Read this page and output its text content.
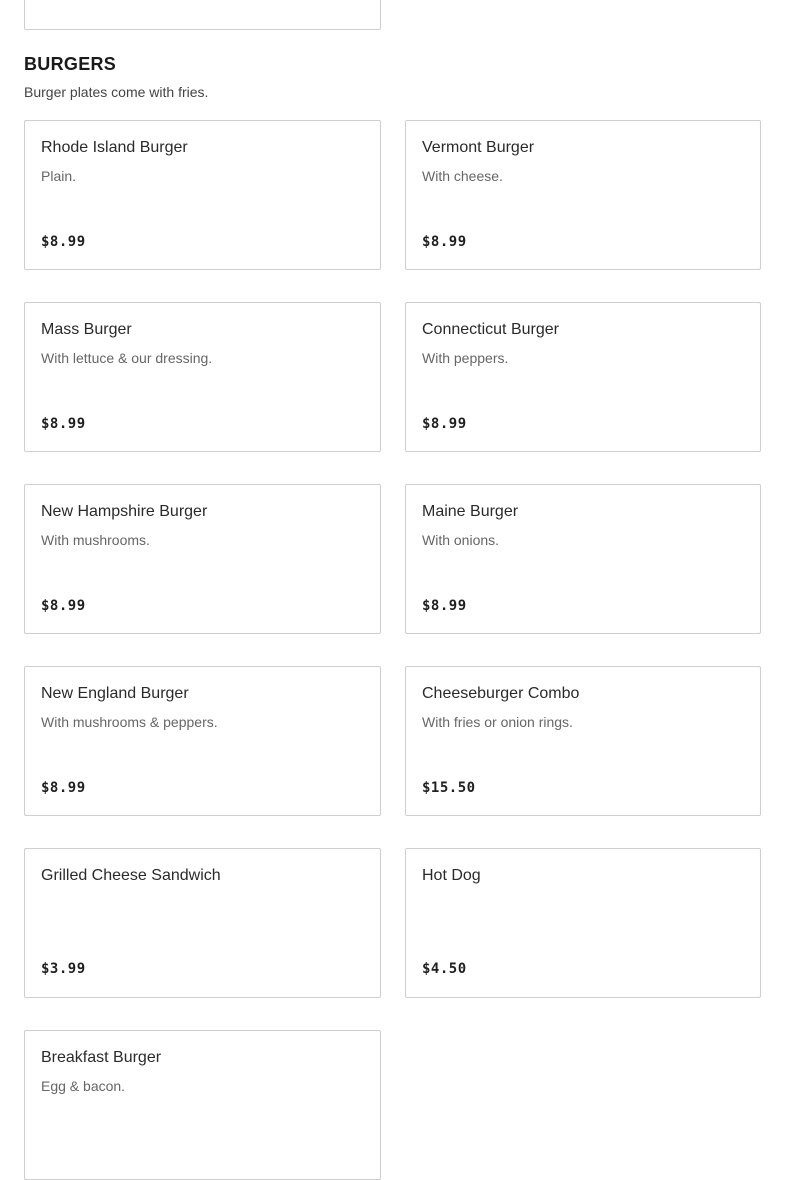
BURGERS

Burger plates come with fries.

Rhode Island Burger
Plain.
$8.99
Vermont Burger
With cheese.
$8.99
Mass Burger
With lettuce & our dressing.
$8.99
Connecticut Burger
With peppers.
$8.99
New Hampshire Burger
With mushrooms.
$8.99
Maine Burger
With onions.
$8.99
New England Burger
With mushrooms & peppers.
$8.99
Cheeseburger Combo
With fries or onion rings.
$15.50
Grilled Cheese Sandwich
$3.99
Hot Dog
$4.50
Breakfast Burger
Egg & bacon.
